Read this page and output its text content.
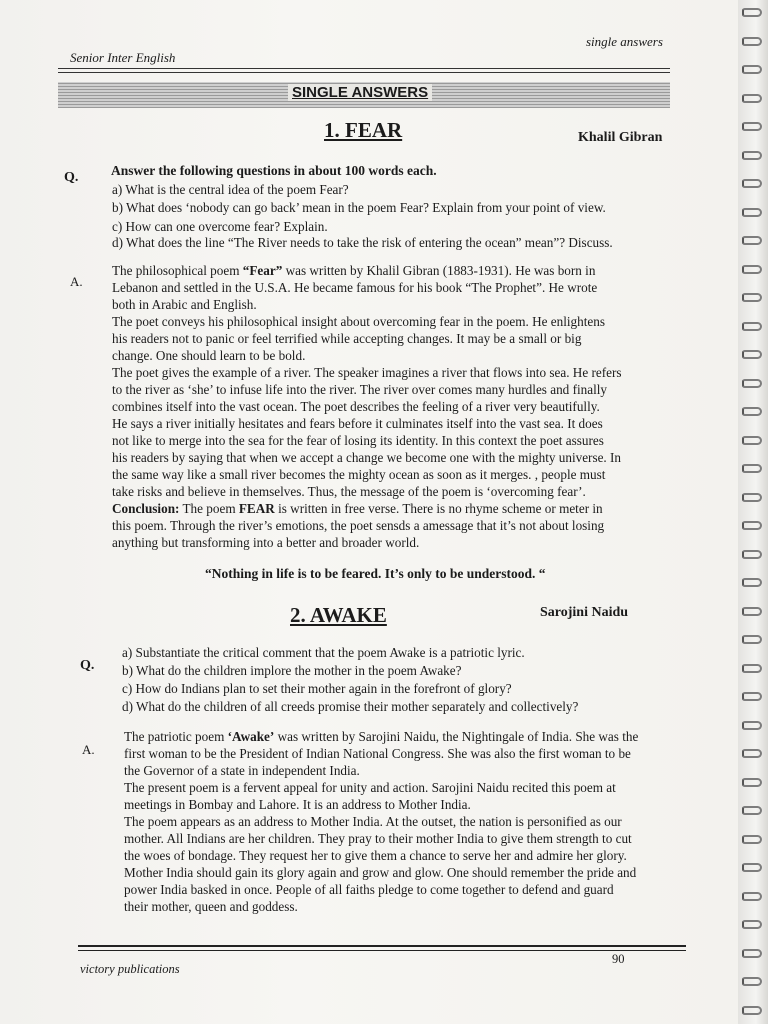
single answers
Senior Inter English
SINGLE ANSWERS
1. FEAR	Khalil Gibran
Q. Answer the following questions in about 100 words each.
a) What is the central idea of the poem Fear?
b) What does ‘nobody can go back’ mean in the poem Fear? Explain from your point of view.
c) How can one overcome fear? Explain.
d) What does the line “The River needs to take the risk of entering the ocean” mean”? Discuss.
A.
The philosophical poem “Fear” was written by Khalil Gibran (1883-1931). He was born in
Lebanon and settled in the U.S.A. He became famous for his book “The Prophet”. He wrote
both in Arabic and English.
The poet conveys his philosophical insight about overcoming fear in the poem. He enlightens
his readers not to panic or feel terrified while accepting changes. It may be a small or big
change. One should learn to be bold.
The poet gives the example of a river. The speaker imagines a river that flows into sea. He refers
to the river as ‘she’ to infuse life into the river. The river over comes many hurdles and finally
combines itself into the vast ocean. The poet describes the feeling of a river very beautifully.
He says a river initially hesitates and fears before it culminates itself into the vast sea. It does
not like to merge into the sea for the fear of losing its identity. In this context the poet assures
his readers by saying that when we accept a change we become one with the mighty universe. In
the same way like a small river becomes the mighty ocean as soon as it merges. , people must
take risks and believe in themselves. Thus, the message of the poem is ‘overcoming fear’.
Conclusion: The poem FEAR is written in free verse. There is no rhyme scheme or meter in
this poem. Through the river’s emotions, the poet sensds a amessage that it’s not about losing
anything but transforming into a better and broader world.
“Nothing in life is to be feared. It’s only to be understood. “
2. AWAKE	Sarojini Naidu
Q.
a) Substantiate the critical comment that the poem Awake is a patriotic lyric.
b) What do the children implore the mother in the poem Awake?
c) How do Indians plan to set their mother again in the forefront of glory?
d) What do the children of all creeds promise their mother separately and collectively?
A.
The patriotic poem ‘Awake’ was written by Sarojini Naidu, the Nightingale of India. She was the
first woman to be the President of Indian National Congress. She was also the first woman to be
the Governor of a state in independent India.
The present poem is a fervent appeal for unity and action. Sarojini Naidu recited this poem at
meetings in Bombay and Lahore. It is an address to Mother India.
The poem appears as an address to Mother India. At the outset, the nation is personified as our
mother. All Indians are her children. They pray to their mother India to give them strength to cut
the woes of bondage. They request her to give them a chance to serve her and admire her glory.
Mother India should gain its glory again and grow and glow. One should remember the pride and
power India basked in once. People of all faiths pledge to come together to defend and guard
their mother, queen and goddess.
90
victory publications
